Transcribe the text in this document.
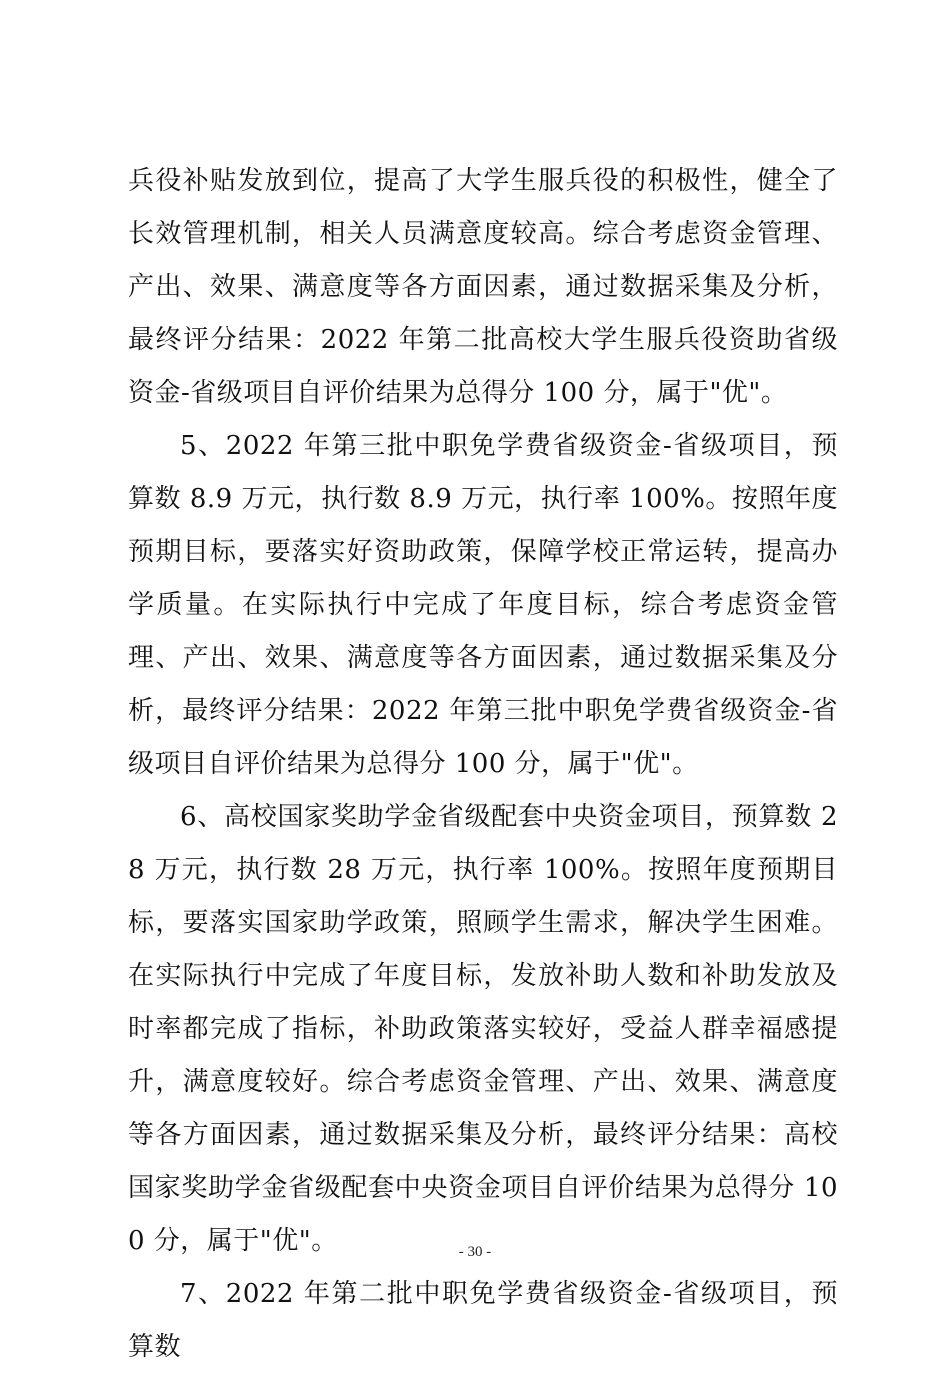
兵役补贴发放到位，提高了大学生服兵役的积极性，健全了长效管理机制，相关人员满意度较高。综合考虑资金管理、产出、效果、满意度等各方面因素，通过数据采集及分析，最终评分结果：2022 年第二批高校大学生服兵役资助省级资金-省级项目自评价结果为总得分 100 分，属于"优"。

5、2022 年第三批中职免学费省级资金-省级项目，预算数 8.9 万元，执行数 8.9 万元，执行率 100%。按照年度预期目标，要落实好资助政策，保障学校正常运转，提高办学质量。在实际执行中完成了年度目标，综合考虑资金管理、产出、效果、满意度等各方面因素，通过数据采集及分析，最终评分结果：2022 年第三批中职免学费省级资金-省级项目自评价结果为总得分 100 分，属于"优"。

6、高校国家奖助学金省级配套中央资金项目，预算数 28 万元，执行数 28 万元，执行率 100%。按照年度预期目标，要落实国家助学政策，照顾学生需求，解决学生困难。在实际执行中完成了年度目标，发放补助人数和补助发放及时率都完成了指标，补助政策落实较好，受益人群幸福感提升，满意度较好。综合考虑资金管理、产出、效果、满意度等各方面因素，通过数据采集及分析，最终评分结果：高校国家奖助学金省级配套中央资金项目自评价结果为总得分 100 分，属于"优"。

7、2022 年第二批中职免学费省级资金-省级项目，预算数

- 30 -
